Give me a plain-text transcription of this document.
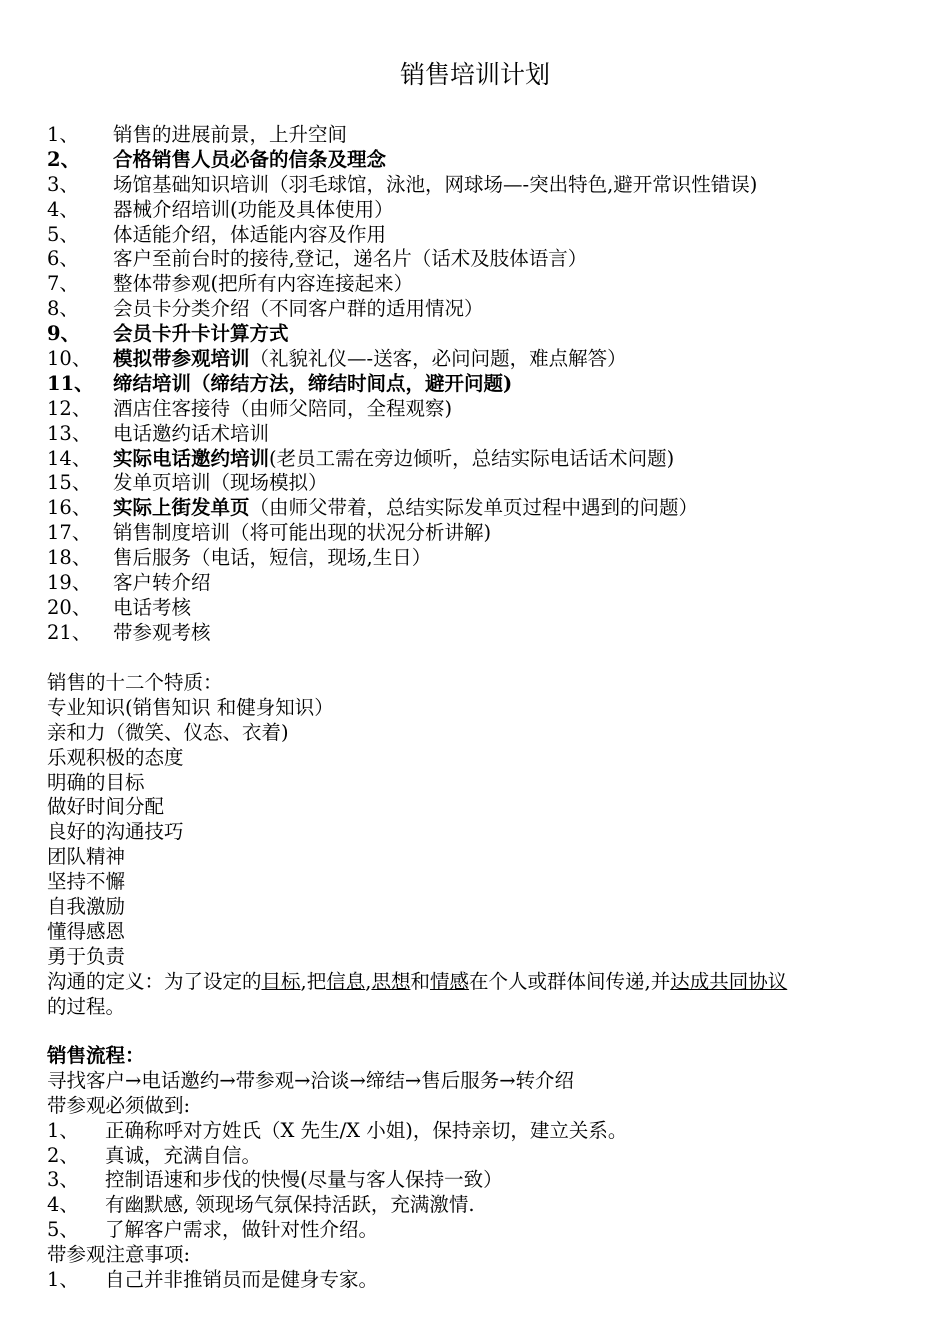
销售培训计划
1、 销售的进展前景，上升空间
2、 合格销售人员必备的信条及理念
3、 场馆基础知识培训（羽毛球馆，泳池，网球场—-突出特色,避开常识性错误)
4、 器械介绍培训(功能及具体使用）
5、 体适能介绍，体适能内容及作用
6、 客户至前台时的接待,登记，递名片（话术及肢体语言）
7、 整体带参观(把所有内容连接起来）
8、 会员卡分类介绍（不同客户群的适用情况）
9、 会员卡升卡计算方式
10、 模拟带参观培训（礼貌礼仪—-送客，必问问题，难点解答）
11、 缔结培训（缔结方法，缔结时间点，避开问题)
12、 酒店住客接待（由师父陪同，全程观察)
13、 电话邀约话术培训
14、 实际电话邀约培训(老员工需在旁边倾听，总结实际电话话术问题)
15、 发单页培训（现场模拟）
16、 实际上街发单页（由师父带着，总结实际发单页过程中遇到的问题）
17、 销售制度培训（将可能出现的状况分析讲解)
18、 售后服务（电话，短信，现场,生日）
19、 客户转介绍
20、 电话考核
21、 带参观考核
销售的十二个特质：
专业知识(销售知识 和健身知识）
亲和力（微笑、仪态、衣着)
乐观积极的态度
明确的目标
做好时间分配
良好的沟通技巧
团队精神
坚持不懈
自我激励
懂得感恩
勇于负责
沟通的定义：为了设定的目标,把信息,思想和情感在个人或群体间传递,并达成共同协议
的过程。
销售流程：
寻找客户→电话邀约→带参观→洽谈→缔结→售后服务→转介绍
带参观必须做到:
1、 正确称呼对方姓氏（X 先生/X 小姐)，保持亲切，建立关系。
2、 真诚，充满自信。
3、 控制语速和步伐的快慢(尽量与客人保持一致）
4、 有幽默感, 领现场气氛保持活跃，充满激情.
5、 了解客户需求，做针对性介绍。
带参观注意事项:
1、 自己并非推销员而是健身专家。
